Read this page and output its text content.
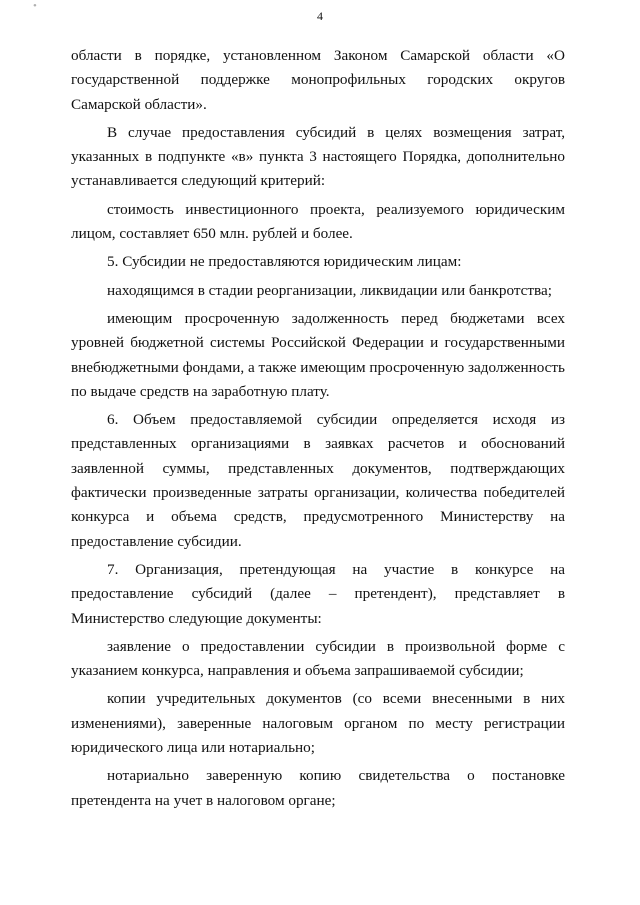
•
4

области в порядке, установленном Законом Самарской области «О государственной поддержке монопрофильных городских округов Самарской области».

В случае предоставления субсидий в целях возмещения затрат, указанных в подпункте «в» пункта 3 настоящего Порядка, дополнительно устанавливается следующий критерий:

стоимость инвестиционного проекта, реализуемого юридическим лицом, составляет 650 млн. рублей и более.

5. Субсидии не предоставляются юридическим лицам:

находящимся в стадии реорганизации, ликвидации или банкротства;

имеющим просроченную задолженность перед бюджетами всех уровней бюджетной системы Российской Федерации и государственными внебюджетными фондами, а также имеющим просроченную задолженность по выдаче средств на заработную плату.

6. Объем предоставляемой субсидии определяется исходя из представленных организациями в заявках расчетов и обоснований заявленной суммы, представленных документов, подтверждающих фактически произведенные затраты организации, количества победителей конкурса и объема средств, предусмотренного Министерству на предоставление субсидии.

7. Организация, претендующая на участие в конкурсе на предоставление субсидий (далее – претендент), представляет в Министерство следующие документы:

заявление о предоставлении субсидии в произвольной форме с указанием конкурса, направления и объема запрашиваемой субсидии;

копии учредительных документов (со всеми внесенными в них изменениями), заверенные налоговым органом по месту регистрации юридического лица или нотариально;

нотариально заверенную копию свидетельства о постановке претендента на учет в налоговом органе;
